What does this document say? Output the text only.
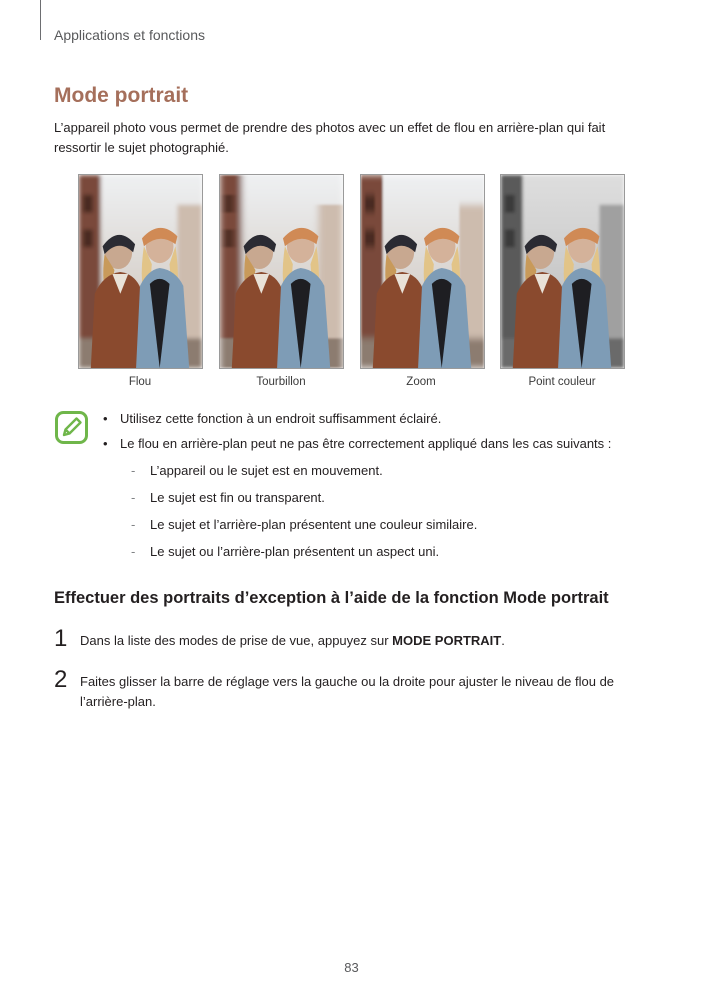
Applications et fonctions
Mode portrait

L’appareil photo vous permet de prendre des photos avec un effet de flou en arrière-plan qui fait ressortir le sujet photographié.

Flou	Tourbillon	Zoom	Point couleur
• Utilisez cette fonction à un endroit suffisamment éclairé.
• Le flou en arrière-plan peut ne pas être correctement appliqué dans les cas suivants :
- L’appareil ou le sujet est en mouvement.
- Le sujet est fin ou transparent.
- Le sujet et l’arrière-plan présentent une couleur similaire.
- Le sujet ou l’arrière-plan présentent un aspect uni.
Effectuer des portraits d’exception à l’aide de la fonction Mode portrait
1 Dans la liste des modes de prise de vue, appuyez sur MODE PORTRAIT.
2 Faites glisser la barre de réglage vers la gauche ou la droite pour ajuster le niveau de flou de l’arrière-plan.
83
